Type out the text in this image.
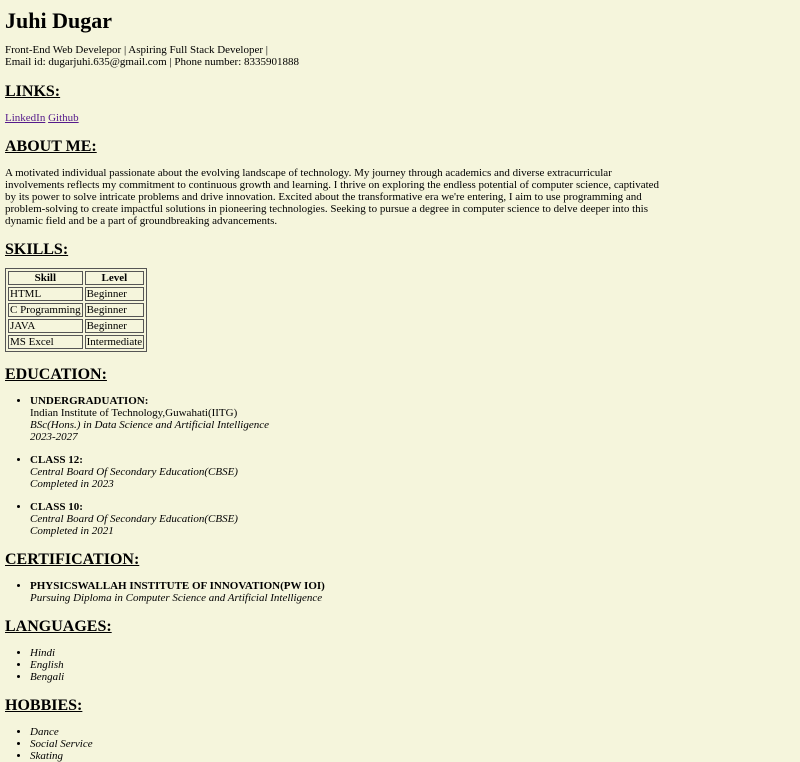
Juhi Dugar
Front-End Web Develepor | Aspiring Full Stack Developer |
Email id: dugarjuhi.635@gmail.com | Phone number: 8335901888
LINKS:
LinkedIn Github
ABOUT ME:

A motivated individual passionate about the evolving landscape of technology. My journey through academics and diverse extracurricular involvements reflects my commitment to continuous growth and learning. I thrive on exploring the endless potential of computer science, captivated by its power to solve intricate problems and drive innovation. Excited about the transformative era we're entering, I aim to use programming and problem-solving to create impactful solutions in pioneering technologies. Seeking to pursue a degree in computer science to delve deeper into this dynamic field and be a part of groundbreaking advancements.

SKILLS:
Skill	Level
HTML	Beginner
C Programming	Beginner
JAVA	Beginner
MS Excel	Intermediate
EDUCATION:
• UNDERGRADUATION:
Indian Institute of Technology,Guwahati(IITG)
BSc(Hons.) in Data Science and Artificial Intelligence
2023-2027
• CLASS 12:
Central Board Of Secondary Education(CBSE)
Completed in 2023
• CLASS 10:
Central Board Of Secondary Education(CBSE)
Completed in 2021
CERTIFICATION:
• PHYSICSWALLAH INSTITUTE OF INNOVATION(PW IOI)
Pursuing Diploma in Computer Science and Artificial Intelligence
LANGUAGES:
• Hindi
• English
• Bengali
HOBBIES:
• Dance
• Social Service
• Skating
